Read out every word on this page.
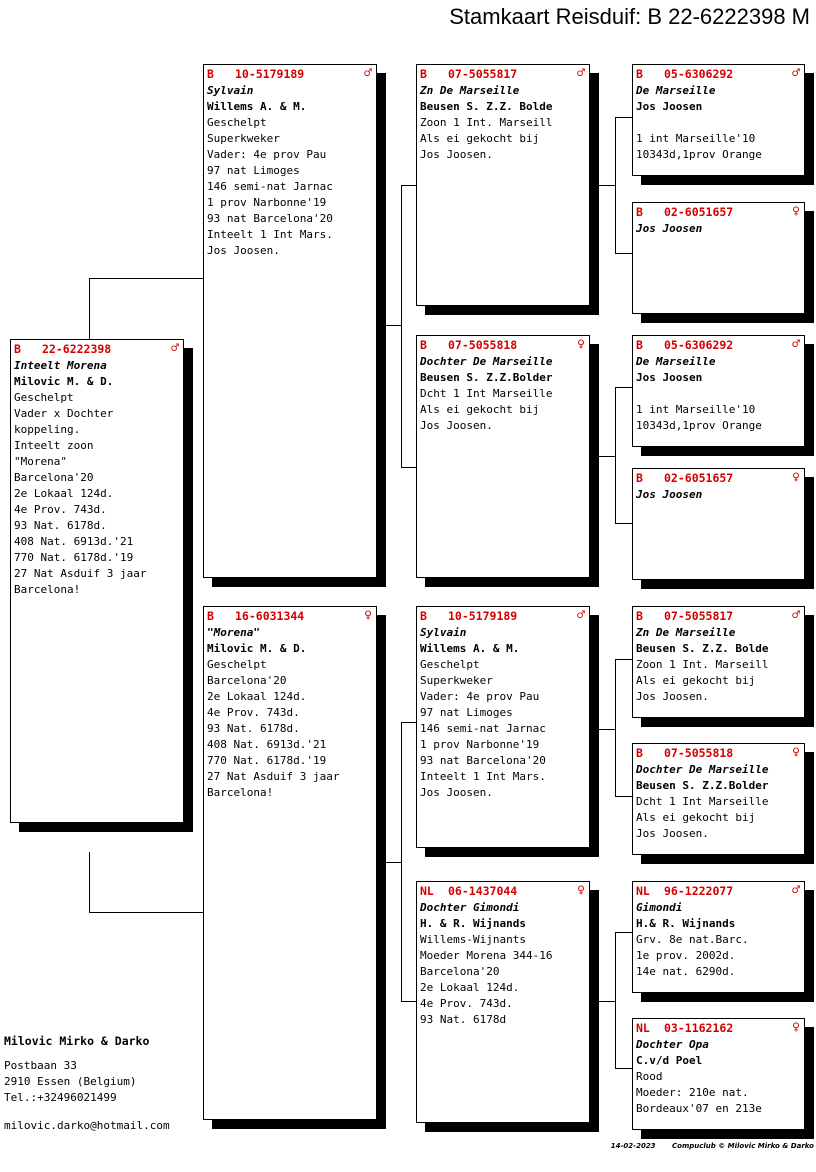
Stamkaart Reisduif: B 22-6222398 M
B 22-6222398	♂
Inteelt Morena
Milovic M. & D.
Geschelpt
Vader x Dochter
koppeling.
Inteelt zoon
"Morena"
Barcelona'20
2e Lokaal 124d.
4e Prov. 743d.
93 Nat. 6178d.
408 Nat. 6913d.'21
770 Nat. 6178d.'19
27 Nat Asduif 3 jaar
Barcelona!
B 10-5179189	♂
Sylvain
Willems A. & M.
Geschelpt
Superkweker
Vader: 4e prov Pau
97 nat Limoges
146 semi-nat Jarnac
1 prov Narbonne'19
93 nat Barcelona'20
Inteelt 1 Int Mars.
Jos Joosen.
B 16-6031344	♀
"Morena"
Milovic M. & D.
Geschelpt
Barcelona'20
2e Lokaal 124d.
4e Prov. 743d.
93 Nat. 6178d.
408 Nat. 6913d.'21
770 Nat. 6178d.'19
27 Nat Asduif 3 jaar
Barcelona!
B 07-5055817	♂
Zn De Marseille
Beusen S. Z.Z. Bolde
Zoon 1 Int. Marseill
Als ei gekocht bij
Jos Joosen.
B 07-5055818	♀
Dochter De Marseille
Beusen S. Z.Z.Bolder
Dcht 1 Int Marseille
Als ei gekocht bij
Jos Joosen.
B 10-5179189	♂
Sylvain
Willems A. & M.
Geschelpt
Superkweker
Vader: 4e prov Pau
97 nat Limoges
146 semi-nat Jarnac
1 prov Narbonne'19
93 nat Barcelona'20
Inteelt 1 Int Mars.
Jos Joosen.
NL 06-1437044	♀
Dochter Gimondi
H. & R. Wijnands
Willems-Wijnants
Moeder Morena 344-16
Barcelona'20
2e Lokaal 124d.
4e Prov. 743d.
93 Nat. 6178d
B 05-6306292	♂
De Marseille
Jos Joosen
1 int Marseille'10
10343d,1prov Orange
B 02-6051657	♀
Jos Joosen
B 05-6306292	♂
De Marseille
Jos Joosen
1 int Marseille'10
10343d,1prov Orange
B 02-6051657	♀
Jos Joosen
B 07-5055817	♂
Zn De Marseille
Beusen S. Z.Z. Bolde
Zoon 1 Int. Marseill
Als ei gekocht bij
Jos Joosen.
B 07-5055818	♀
Dochter De Marseille
Beusen S. Z.Z.Bolder
Dcht 1 Int Marseille
Als ei gekocht bij
Jos Joosen.
NL 96-1222077	♂
Gimondi
H.& R. Wijnands
Grv. 8e nat.Barc.
1e prov. 2002d.
14e nat. 6290d.
NL 03-1162162	♀
Dochter Opa
C.v/d Poel
Rood
Moeder: 210e nat.
Bordeaux'07 en 213e
Milovic Mirko & Darko
Postbaan 33
2910 Essen (Belgium)
Tel.:+32496021499
milovic.darko@hotmail.com
14-02-2023 Compuclub © Milovic Mirko & Darko
